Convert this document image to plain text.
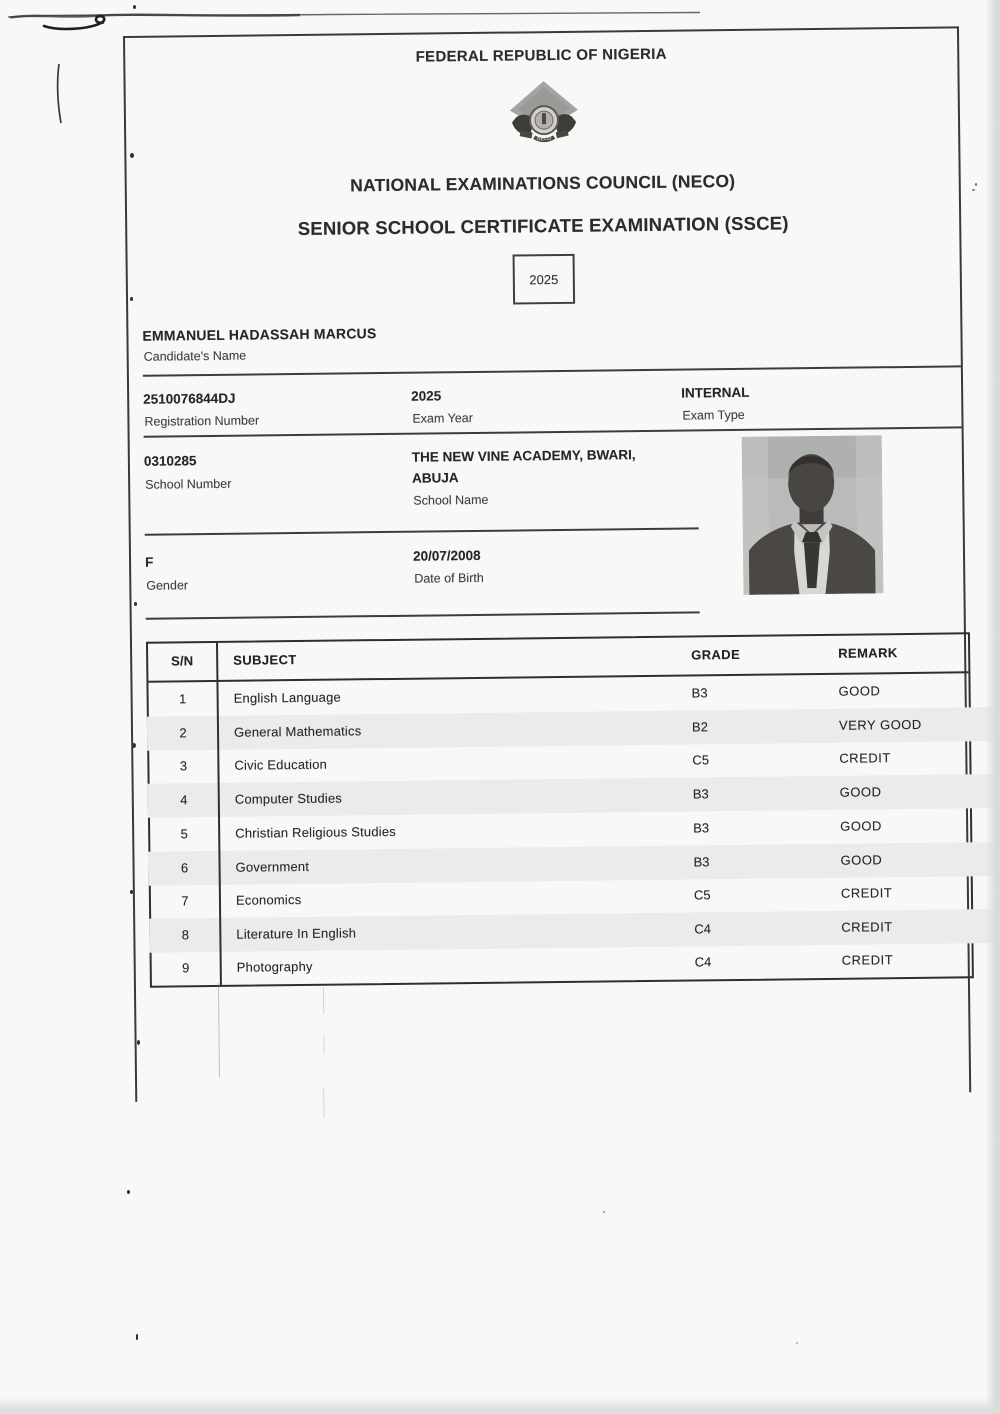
FEDERAL REPUBLIC OF NIGERIA
NECO
NATIONAL EXAMINATIONS COUNCIL (NECO)
SENIOR SCHOOL CERTIFICATE EXAMINATION (SSCE)
2025
EMMANUEL HADASSAH MARCUS
Candidate's Name
2510076844DJ
Registration Number
2025
Exam Year
INTERNAL
Exam Type
0310285
School Number
THE NEW VINE ACADEMY, BWARI,
ABUJA
School Name
F
Gender
20/07/2008
Date of Birth
S/N	SUBJECT	GRADE	REMARK
1	English Language	B3	GOOD
2	General Mathematics	B2	VERY GOOD
3	Civic Education	C5	CREDIT
4	Computer Studies	B3	GOOD
5	Christian Religious Studies	B3	GOOD
6	Government	B3	GOOD
7	Economics	C5	CREDIT
8	Literature In English	C4	CREDIT
9	Photography	C4	CREDIT
